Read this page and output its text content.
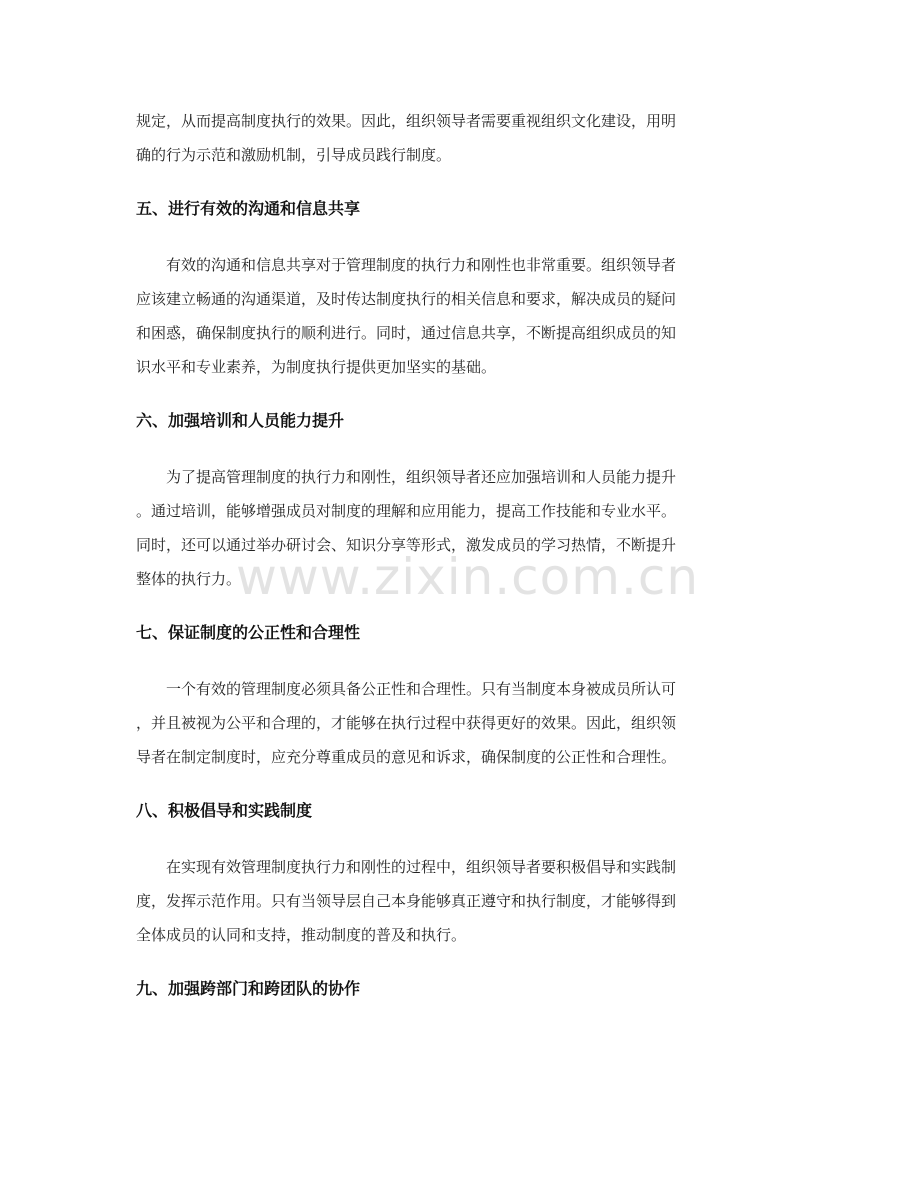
规定，从而提高制度执行的效果。因此，组织领导者需要重视组织文化建设，用明
确的行为示范和激励机制，引导成员践行制度。
五、进行有效的沟通和信息共享
有效的沟通和信息共享对于管理制度的执行力和刚性也非常重要。组织领导者
应该建立畅通的沟通渠道，及时传达制度执行的相关信息和要求，解决成员的疑问
和困惑，确保制度执行的顺利进行。同时，通过信息共享，不断提高组织成员的知
识水平和专业素养，为制度执行提供更加坚实的基础。
六、加强培训和人员能力提升
为了提高管理制度的执行力和刚性，组织领导者还应加强培训和人员能力提升
。通过培训，能够增强成员对制度的理解和应用能力，提高工作技能和专业水平。
同时，还可以通过举办研讨会、知识分享等形式，激发成员的学习热情，不断提升
整体的执行力。
七、保证制度的公正性和合理性
一个有效的管理制度必须具备公正性和合理性。只有当制度本身被成员所认可
，并且被视为公平和合理的，才能够在执行过程中获得更好的效果。因此，组织领
导者在制定制度时，应充分尊重成员的意见和诉求，确保制度的公正性和合理性。
八、积极倡导和实践制度
在实现有效管理制度执行力和刚性的过程中，组织领导者要积极倡导和实践制
度，发挥示范作用。只有当领导层自己本身能够真正遵守和执行制度，才能够得到
全体成员的认同和支持，推动制度的普及和执行。
九、加强跨部门和跨团队的协作
www.zixin.com.cn
